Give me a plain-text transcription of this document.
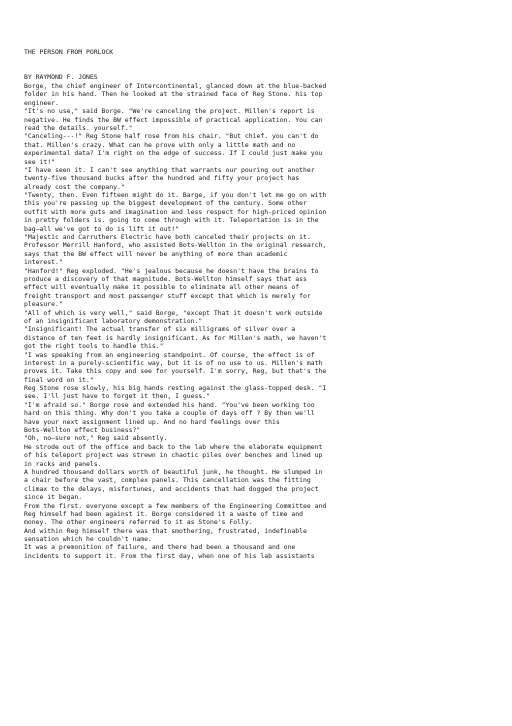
THE PERSON FROM PORLOCK
BY RAYMOND F. JONES
Borge, the chief engineer of Intercontinental, glanced down at the blue-backed
folder in his hand. Then he looked at the strained face of Reg Stone. his top
engineer.
"It's no use," said Borge. "We're canceling the project. Millen's report is
negative. He finds the BW effect impossible of practical application. You can
read the details. yourself."
"Canceling---!" Reg Stone half rose from his chair. "But chief. you can't do
that. Millen's crazy. What can he prove with only a little math and no
experimental data? I'm right on the edge of success. If I could just make you
see it!"
"I have seen it. I can't see anything that warrants our pouring out another
twenty-five thousand bucks after the hundred and fifty your project has
already cost the company."
"Twenty, then. Even fifteen might do it. Barge, if you don't let me go on with
this you're passing up the biggest development of the century. Some other
outfit with more guts and imagination and less respect for high-priced opinion
in pretty folders is. going to come through with it. Teleportation is in the
bag—all we've got to do is lift it out!"
"Majestic and Carruthers Electric have both canceled their projects on it.
Professor Merrill Hanford, who assisted Bots-Wellton in the original research,
says that the BW effect will never be anything of more than academic
interest."
"Hanford!" Reg exploded. "He's jealous because he doesn't have the brains to
produce a discovery of that magnitude. Bots-Wellton himself says that ass
effect will eventually make it possible to eliminate all other means of
freight transport and most passenger stuff except that which is merely for
pleasure."
"All of which is very well," said Borge, "except That it doesn't work outside
of an insignificant laboratory demonstration."
"Insignificant! The actual transfer of six milligrams of silver over a
distance of ten feet is hardly insignificant. As for Millen's math, we haven't
got the right tools to handle this."
"I was speaking from an engineering standpoint. Of course, the effect is of
interest in a purely-scientific way, but it is of no use to us. Millen's math
proves it. Take this copy and see for yourself. I'm sorry, Reg, but that's the
final word on it."
Reg Stone rose slowly, his big hands resting against the glass-topped desk. "I
see. I'll just have to forget it then, I guess."
"I'm afraid so." Borge rose and extended his hand. "You've been working too
hard on this thing. Why don't you take a couple of days off ? By then we'll
have your next assignment lined up. And no hard feelings over this
Bots-Wellton effect business?"
"Oh, no—sure not," Reg said absently.
He strode out of the office and back to the lab where the elaborate equipment
of his teleport project was strewn in chaotic piles over benches and lined up
in racks and panels.
A hundred thousand dollars worth of beautiful junk, he thought. He slumped in
a chair before the vast, complex panels. This cancellation was the fitting
climax to the delays, misfortunes, and accidents that had dogged the project
since it began.
From the first. everyone except a few members of the Engineering Committee and
Reg himself had been against it. Borge considered it a waste of time and
money. The other engineers referred to it as Stone's Folly.
And within Reg himself there was that smothering, frustrated, indefinable
sensation which he couldn't name.
It was a premonition of failure, and there had been a thousand and one
incidents to support it. From the first day, when one of his lab assistants
